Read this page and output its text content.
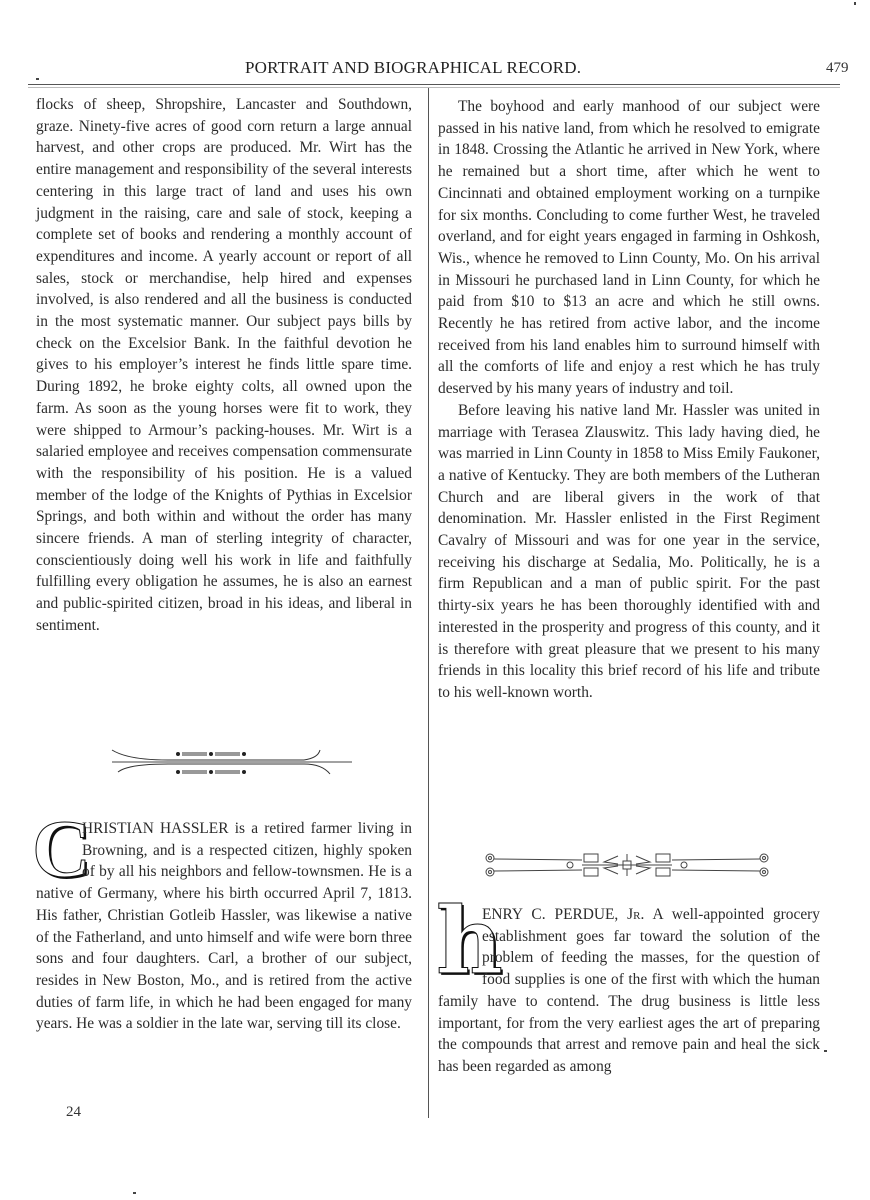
PORTRAIT AND BIOGRAPHICAL RECORD.	479

flocks of sheep, Shropshire, Lancaster and Southdown, graze. Ninety-five acres of good corn return a large annual harvest, and other crops are produced. Mr. Wirt has the entire management and responsibility of the several interests centering in this large tract of land and uses his own judgment in the raising, care and sale of stock, keeping a complete set of books and rendering a monthly account of expenditures and income. A yearly account or report of all sales, stock or merchandise, help hired and expenses involved, is also rendered and all the business is conducted in the most systematic manner. Our subject pays bills by check on the Excelsior Bank. In the faithful devotion he gives to his employer’s interest he finds little spare time. During 1892, he broke eighty colts, all owned upon the farm. As soon as the young horses were fit to work, they were shipped to Armour’s packing-houses. Mr. Wirt is a salaried employee and receives compensation commensurate with the responsibility of his position. He is a valued member of the lodge of the Knights of Pythias in Excelsior Springs, and both within and without the order has many sincere friends. A man of sterling integrity of character, conscientiously doing well his work in life and faithfully fulfilling every obligation he assumes, he is also an earnest and public-spirited citizen, broad in his ideas, and liberal in sentiment.

C
HRISTIAN HASSLER is a retired farmer living in Browning, and is a respected citizen, highly spoken of by all his neighbors and fellow-townsmen. He is a native of Germany, where his birth occurred April 7, 1813. His father, Christian Gotleib Hassler, was likewise a native of the Fatherland, and unto himself and wife were born three sons and four daughters. Carl, a brother of our subject, resides in New Boston, Mo., and is retired from the active duties of farm life, in which he had been engaged for many years. He was a soldier in the late war, serving till its close.

The boyhood and early manhood of our subject were passed in his native land, from which he resolved to emigrate in 1848. Crossing the Atlantic he arrived in New York, where he remained but a short time, after which he went to Cincinnati and obtained employment working on a turnpike for six months. Concluding to come further West, he traveled overland, and for eight years engaged in farming in Oshkosh, Wis., whence he removed to Linn County, Mo. On his arrival in Missouri he purchased land in Linn County, for which he paid from $10 to $13 an acre and which he still owns. Recently he has retired from active labor, and the income received from his land enables him to surround himself with all the comforts of life and enjoy a rest which he has truly deserved by his many years of industry and toil.

Before leaving his native land Mr. Hassler was united in marriage with Terasea Zlauswitz. This lady having died, he was married in Linn County in 1858 to Miss Emily Faukoner, a native of Kentucky. They are both members of the Lutheran Church and are liberal givers in the work of that denomination. Mr. Hassler enlisted in the First Regiment Cavalry of Missouri and was for one year in the service, receiving his discharge at Sedalia, Mo. Politically, he is a firm Republican and a man of public spirit. For the past thirty-six years he has been thoroughly identified with and interested in the prosperity and progress of this county, and it is therefore with great pleasure that we present to his many friends in this locality this brief record of his life and tribute to his well-known worth.

h
ENRY C. PERDUE, Jr. A well-appointed grocery establishment goes far toward the solution of the problem of feeding the masses, for the question of food supplies is one of the first with which the human family have to contend. The drug business is little less important, for from the very earliest ages the art of preparing the compounds that arrest and remove pain and heal the sick has been regarded as among

24
